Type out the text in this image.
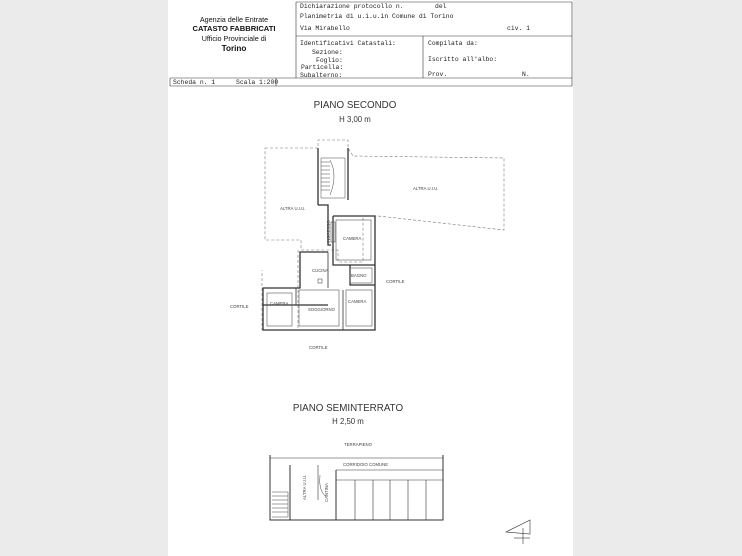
Agenzia delle Entrate
CATASTO FABBRICATI
Ufficio Provinciale di
Torino
Dichiarazione protocollo n.	del
Planimetria di u.i.u.in Comune di Torino
Via Mirabello	civ. 1
Identificativi Catastali:
Sezione:
Foglio:
Particella:
Subalterno:
Compilata da:
Iscritto all'albo:
Prov.	N.
Scheda n. 1	Scala 1:200
PIANO SECONDO
H 3,00 m
PIANO SEMINTERRATO
H 2,50 m
ALTRA U.I.U.
ALTRA U.I.U.
INGRESSO	CAMERA
CUCINA
BAGNO
CAMERA
SOGGIORNO
CAMERA
CORTILE
CORTILE
CORTILE
TERRAPIENO
CORRIDOIO COMUNE
ALTRA U.I.U.	CANTINA
